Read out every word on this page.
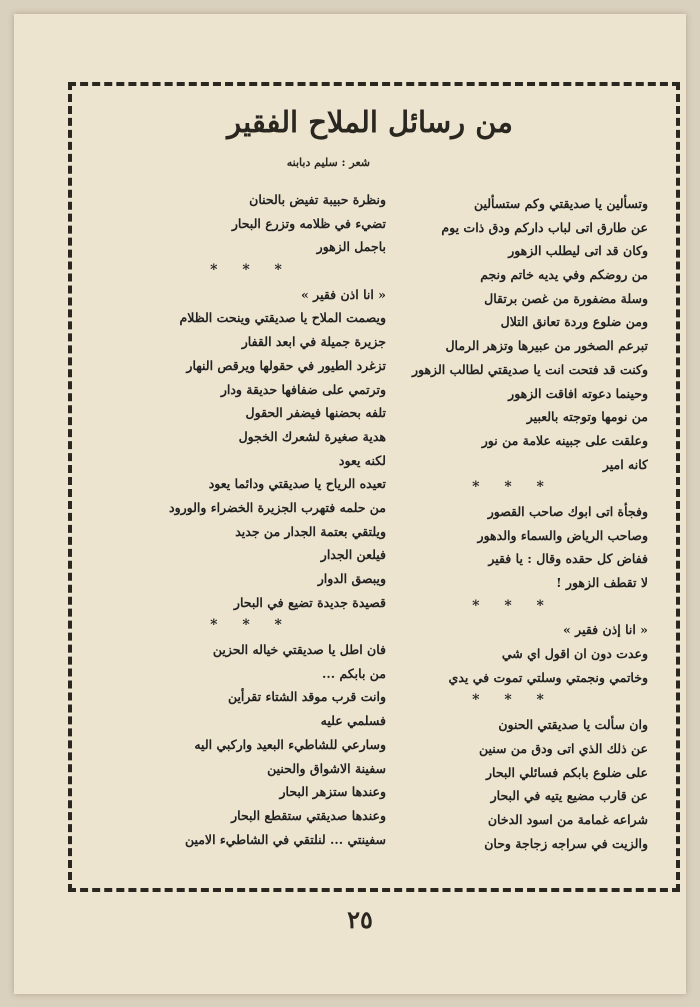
من رسائل الملاح الفقير
شعر : سليم دبابنه
وتسألين يا صديقتي وكم ستسألين
عن طارق اتى لباب داركم ودق ذات يوم
وكان قد اتى ليطلب الزهور
من روضكم وفي يديه خاتم ونجم
وسلة مضفورة من غصن برتقال
ومن ضلوع وردة تعانق التلال
تبرعم الصخور من عبيرها وتزهر الرمال
وكنت قد فتحت انت يا صديقتي لطالب الزهور
وحينما دعوته افاقت الزهور
من نومها وتوجته بالعبير
وعلقت على جبينه علامة من نور
كانه امير
* * *
وفجأة اتى ابوك صاحب القصور
وصاحب الرياض والسماء والدهور
ففاض كل حقده وقال : يا فقير
لا تقطف الزهور !
* * *
« انا إذن فقير »
وعدت دون ان اقول اي شي
وخاتمي ونجمتي وسلتي تموت في يدي
* * *
وان سألت يا صديقتي الحنون
عن ذلك الذي اتى ودق من سنين
على ضلوع بابكم فسائلي البحار
عن قارب مضيع يتيه في البحار
شراعه غمامة من اسود الدخان
والزيت في سراجه زجاجة وحان
ونظرة حبيبة تفيض بالحنان
تضيء في ظلامه وتزرع البحار
باجمل الزهور
* * *
« انا اذن فقير »
ويصمت الملاح يا صديقتي وينحت الظلام
جزيرة جميلة في ابعد القفار
تزغرد الطيور في حقولها ويرقص النهار
وترتمي على ضفافها حديقة ودار
تلفه بحضنها فيضفر الحقول
هدية صغيرة لشعرك الخجول
لكنه يعود
تعيده الرياح يا صديقتي ودائما يعود
من حلمه فتهرب الجزيرة الخضراء والورود
ويلتقي بعتمة الجدار من جديد
فيلعن الجدار
ويبصق الدوار
قصيدة جديدة تضيع في البحار
* * *
فان اطل يا صديقتي خياله الحزين
من بابكم ...
وانت قرب موقد الشتاء تقرأين
فسلمي عليه
وسارعي للشاطيء البعيد واركبي اليه
سفينة الاشواق والحنين
وعندها ستزهر البحار
وعندها صديقتي ستقطع البحار
سفينتي ... لنلتقي في الشاطيء الامين
٢٥
